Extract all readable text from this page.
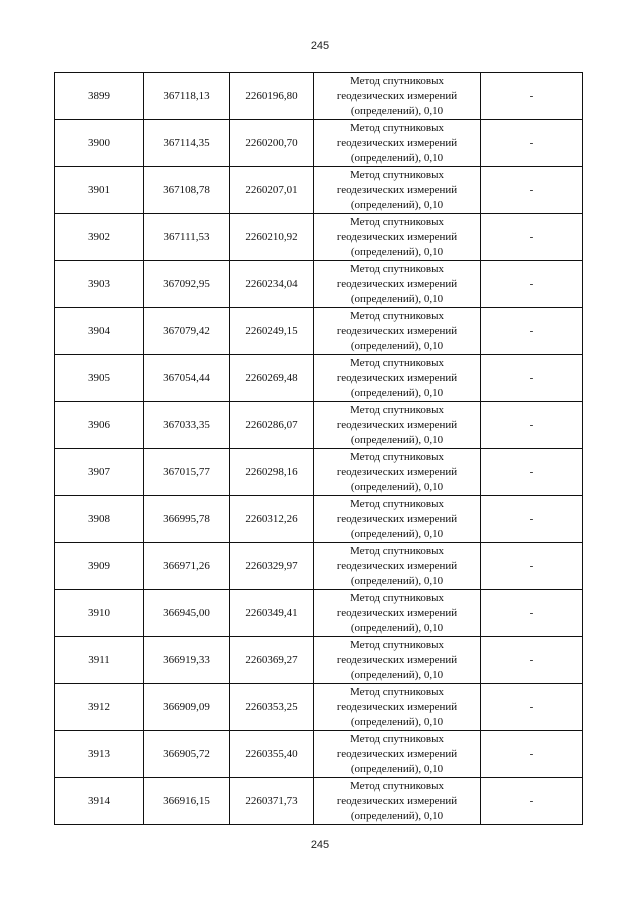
245
3899	367118,13	2260196,80	Метод спутниковых
геодезических измерений
(определений), 0,10	-
3900	367114,35	2260200,70	Метод спутниковых
геодезических измерений
(определений), 0,10	-
3901	367108,78	2260207,01	Метод спутниковых
геодезических измерений
(определений), 0,10	-
3902	367111,53	2260210,92	Метод спутниковых
геодезических измерений
(определений), 0,10	-
3903	367092,95	2260234,04	Метод спутниковых
геодезических измерений
(определений), 0,10	-
3904	367079,42	2260249,15	Метод спутниковых
геодезических измерений
(определений), 0,10	-
3905	367054,44	2260269,48	Метод спутниковых
геодезических измерений
(определений), 0,10	-
3906	367033,35	2260286,07	Метод спутниковых
геодезических измерений
(определений), 0,10	-
3907	367015,77	2260298,16	Метод спутниковых
геодезических измерений
(определений), 0,10	-
3908	366995,78	2260312,26	Метод спутниковых
геодезических измерений
(определений), 0,10	-
3909	366971,26	2260329,97	Метод спутниковых
геодезических измерений
(определений), 0,10	-
3910	366945,00	2260349,41	Метод спутниковых
геодезических измерений
(определений), 0,10	-
3911	366919,33	2260369,27	Метод спутниковых
геодезических измерений
(определений), 0,10	-
3912	366909,09	2260353,25	Метод спутниковых
геодезических измерений
(определений), 0,10	-
3913	366905,72	2260355,40	Метод спутниковых
геодезических измерений
(определений), 0,10	-
3914	366916,15	2260371,73	Метод спутниковых
геодезических измерений
(определений), 0,10	-
245
